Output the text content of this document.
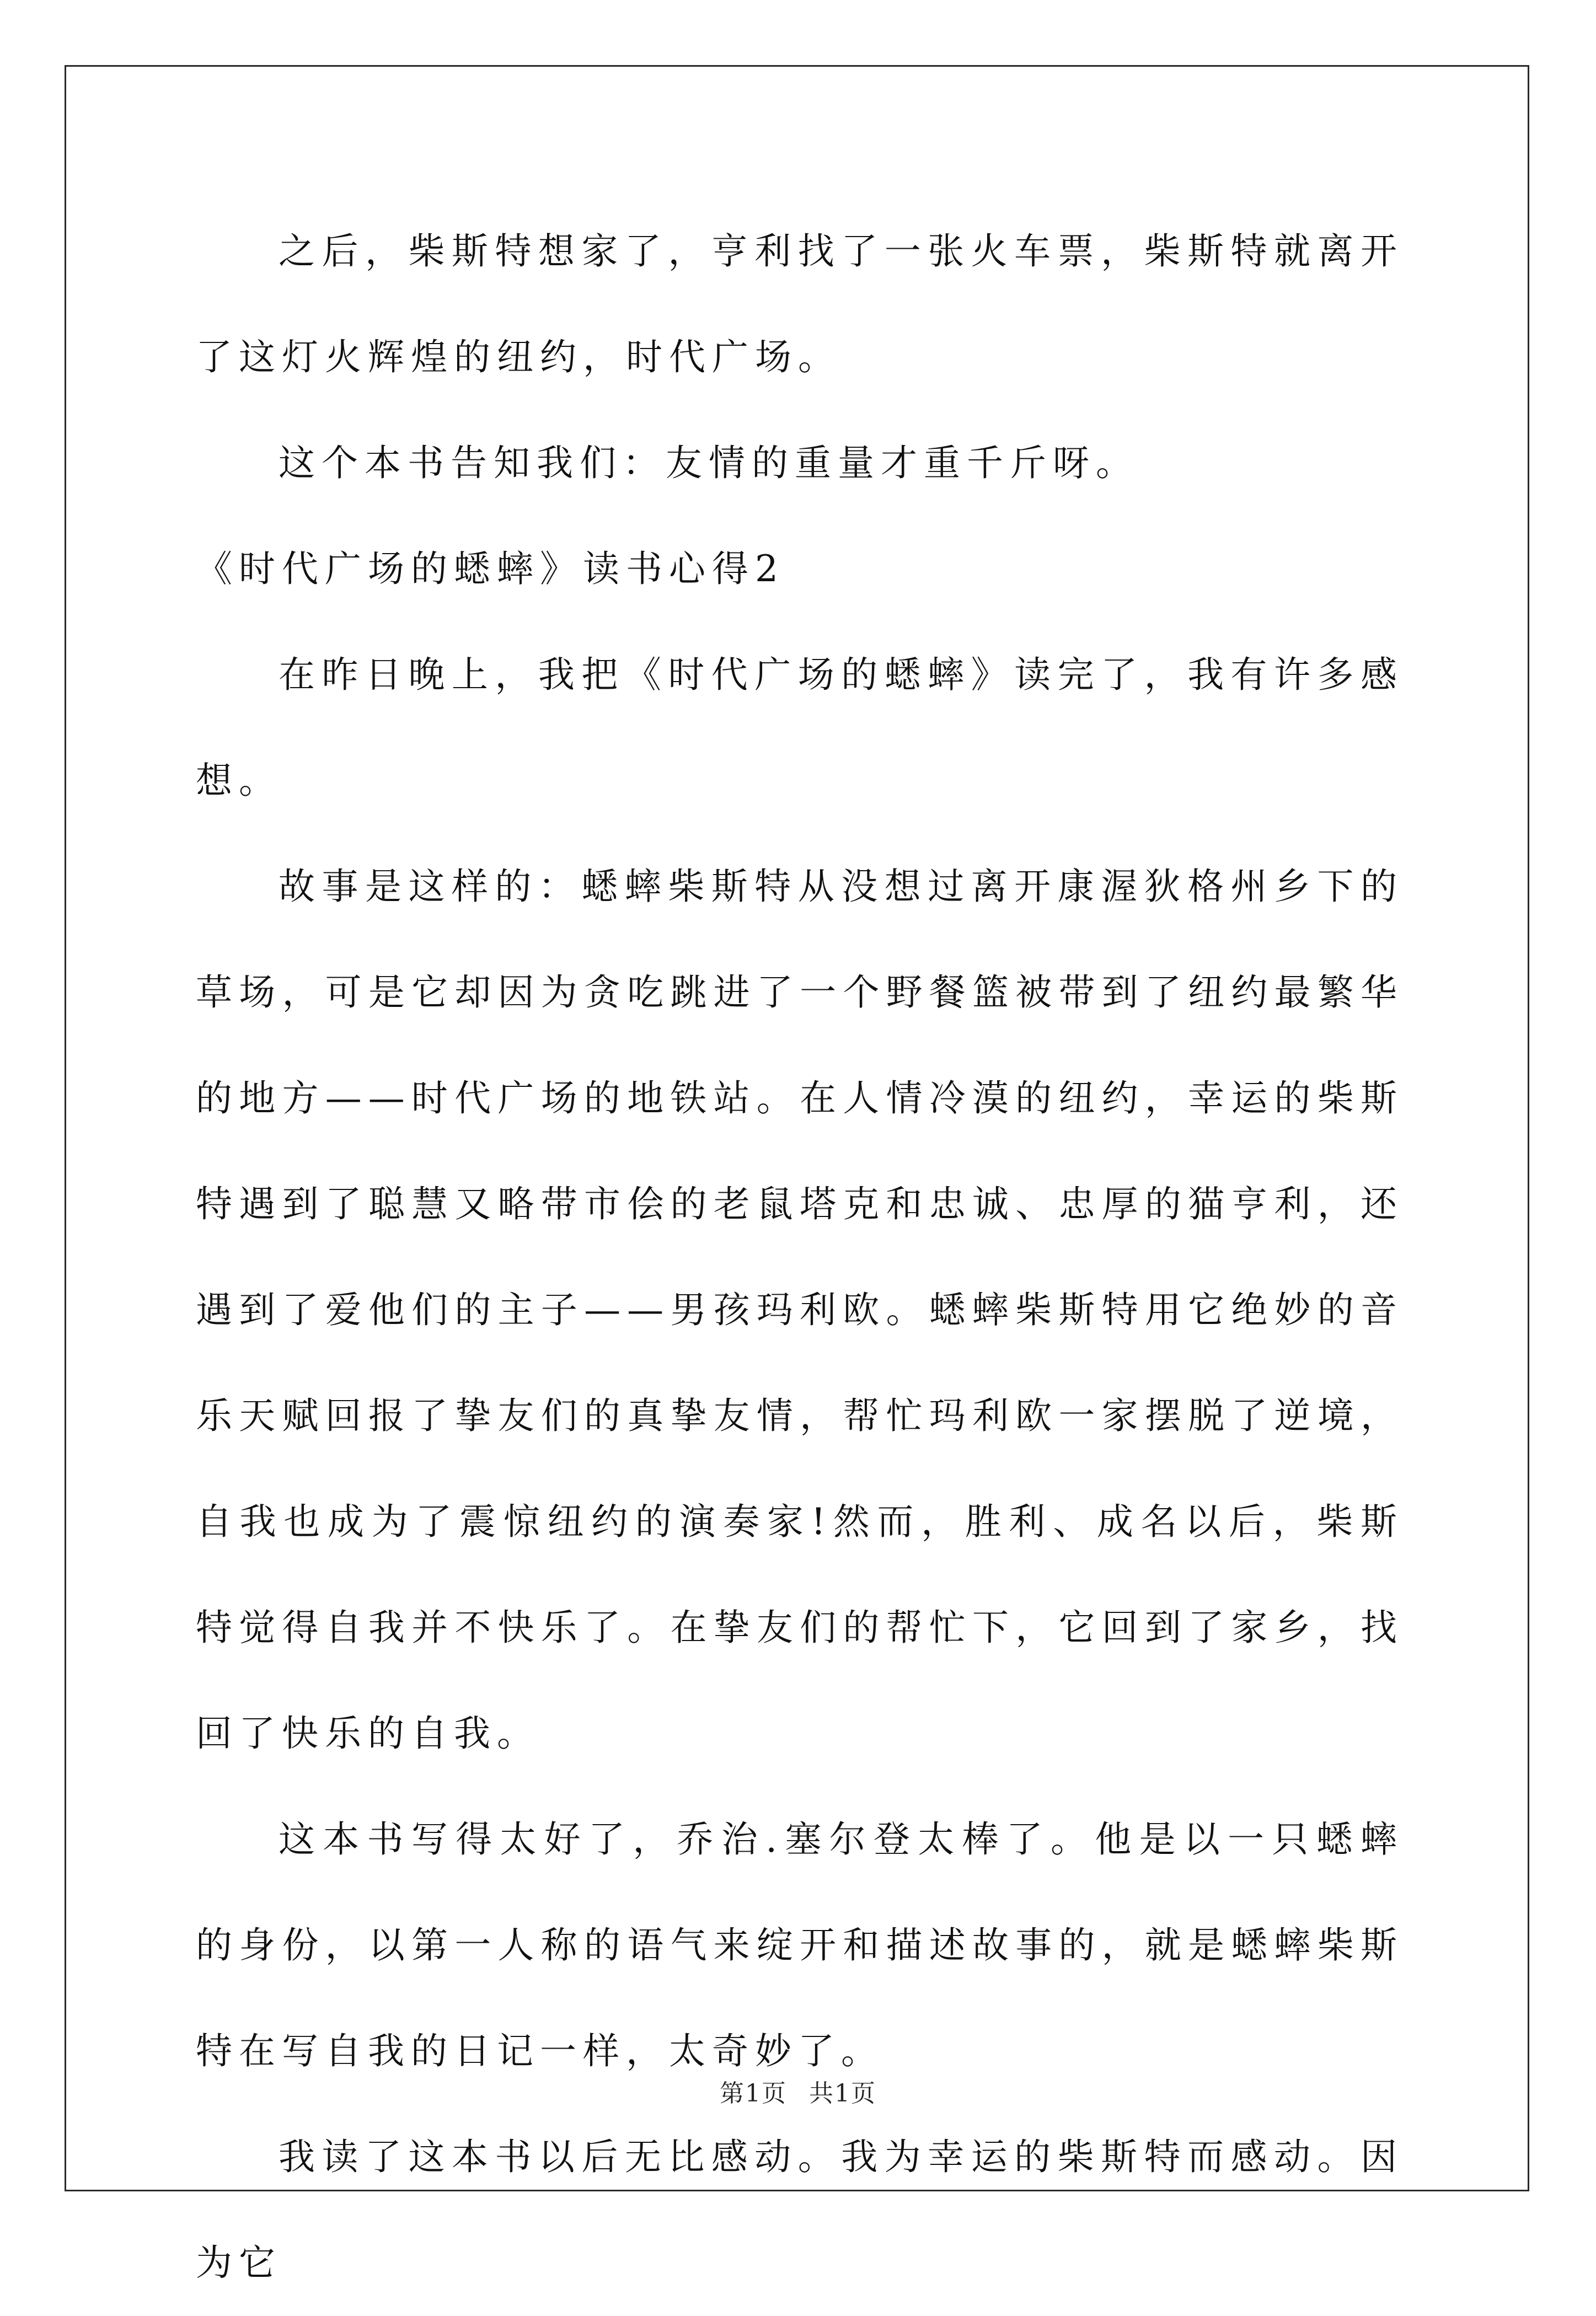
之后，柴斯特想家了，亨利找了一张火车票，柴斯特就离开了这灯火辉煌的纽约，时代广场。

这个本书告知我们：友情的重量才重千斤呀。

《时代广场的蟋蟀》读书心得2

在昨日晚上，我把《时代广场的蟋蟀》读完了，我有许多感想。

故事是这样的：蟋蟀柴斯特从没想过离开康渥狄格州乡下的草场，可是它却因为贪吃跳进了一个野餐篮被带到了纽约最繁华的地方——时代广场的地铁站。在人情冷漠的纽约，幸运的柴斯特遇到了聪慧又略带市侩的老鼠塔克和忠诚、忠厚的猫亨利，还遇到了爱他们的主子——男孩玛利欧。蟋蟀柴斯特用它绝妙的音乐天赋回报了挚友们的真挚友情，帮忙玛利欧一家摆脱了逆境，自我也成为了震惊纽约的演奏家!然而，胜利、成名以后，柴斯特觉得自我并不快乐了。在挚友们的帮忙下，它回到了家乡，找回了快乐的自我。

这本书写得太好了，乔治.塞尔登太棒了。他是以一只蟋蟀的身份，以第一人称的语气来绽开和描述故事的，就是蟋蟀柴斯特在写自我的日记一样，太奇妙了。

我读了这本书以后无比感动。我为幸运的柴斯特而感动。因为它

第1页 共1页
